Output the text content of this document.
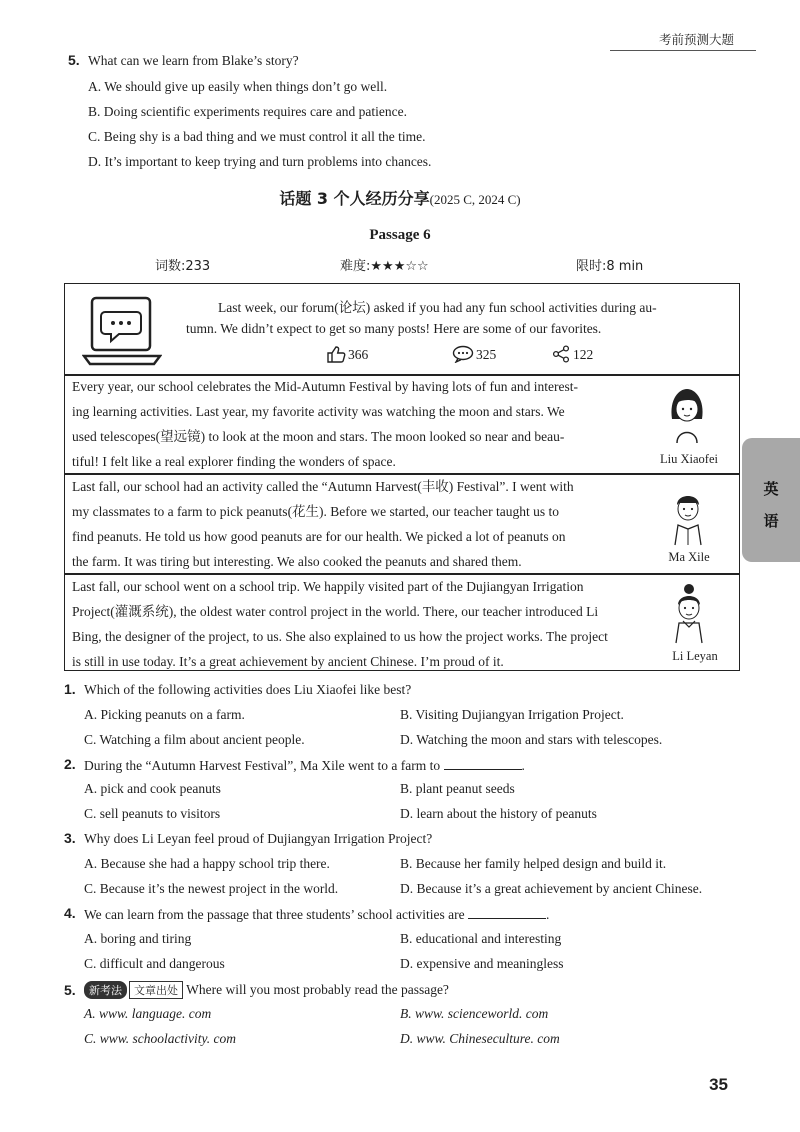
考前预测大题
5. What can we learn from Blake’s story?
A. We should give up easily when things don’t go well.
B. Doing scientific experiments requires care and patience.
C. Being shy is a bad thing and we must control it all the time.
D. It’s important to keep trying and turn problems into chances.
话题 3 个人经历分享(2025 C, 2024 C)
Passage 6
词数:233	难度:★★★☆☆	限时:8 min
Last week, our forum(论坛) asked if you had any fun school activities during au-
tumn. We didn’t expect to get so many posts! Here are some of our favorites.
366	325	122
Every year, our school celebrates the Mid-Autumn Festival by having lots of fun and interest-
ing learning activities. Last year, my favorite activity was watching the moon and stars. We
used telescopes(望远镜) to look at the moon and stars. The moon looked so near and beau-
tiful! I felt like a real explorer finding the wonders of space.	Liu Xiaofei
Last fall, our school had an activity called the “Autumn Harvest(丰收) Festival”. I went with
my classmates to a farm to pick peanuts(花生). Before we started, our teacher taught us to
find peanuts. He told us how good peanuts are for our health. We picked a lot of peanuts on
the farm. It was tiring but interesting. We also cooked the peanuts and shared them.	Ma Xile
Last fall, our school went on a school trip. We happily visited part of the Dujiangyan Irrigation
Project(灌溉系统), the oldest water control project in the world. There, our teacher introduced Li
Bing, the designer of the project, to us. She also explained to us how the project works. The project
is still in use today. It’s a great achievement by ancient Chinese. I’m proud of it.	Li Leyan
英
语
1. Which of the following activities does Liu Xiaofei like best?
A. Picking peanuts on a farm.	B. Visiting Dujiangyan Irrigation Project.
C. Watching a film about ancient people.	D. Watching the moon and stars with telescopes.
2. During the “Autumn Harvest Festival”, Ma Xile went to a farm to	.
A. pick and cook peanuts	B. plant peanut seeds
C. sell peanuts to visitors	D. learn about the history of peanuts
3. Why does Li Leyan feel proud of Dujiangyan Irrigation Project?
A. Because she had a happy school trip there.	B. Because her family helped design and build it.
C. Because it’s the newest project in the world.	D. Because it’s a great achievement by ancient Chinese.
4. We can learn from the passage that three students’ school activities are	.
A. boring and tiring	B. educational and interesting
C. difficult and dangerous	D. expensive and meaningless
5.	新考法 文章出处 Where will you most probably read the passage?
A. www. language. com	B. www. scienceworld. com
C. www. schoolactivity. com	D. www. Chineseculture. com
35
